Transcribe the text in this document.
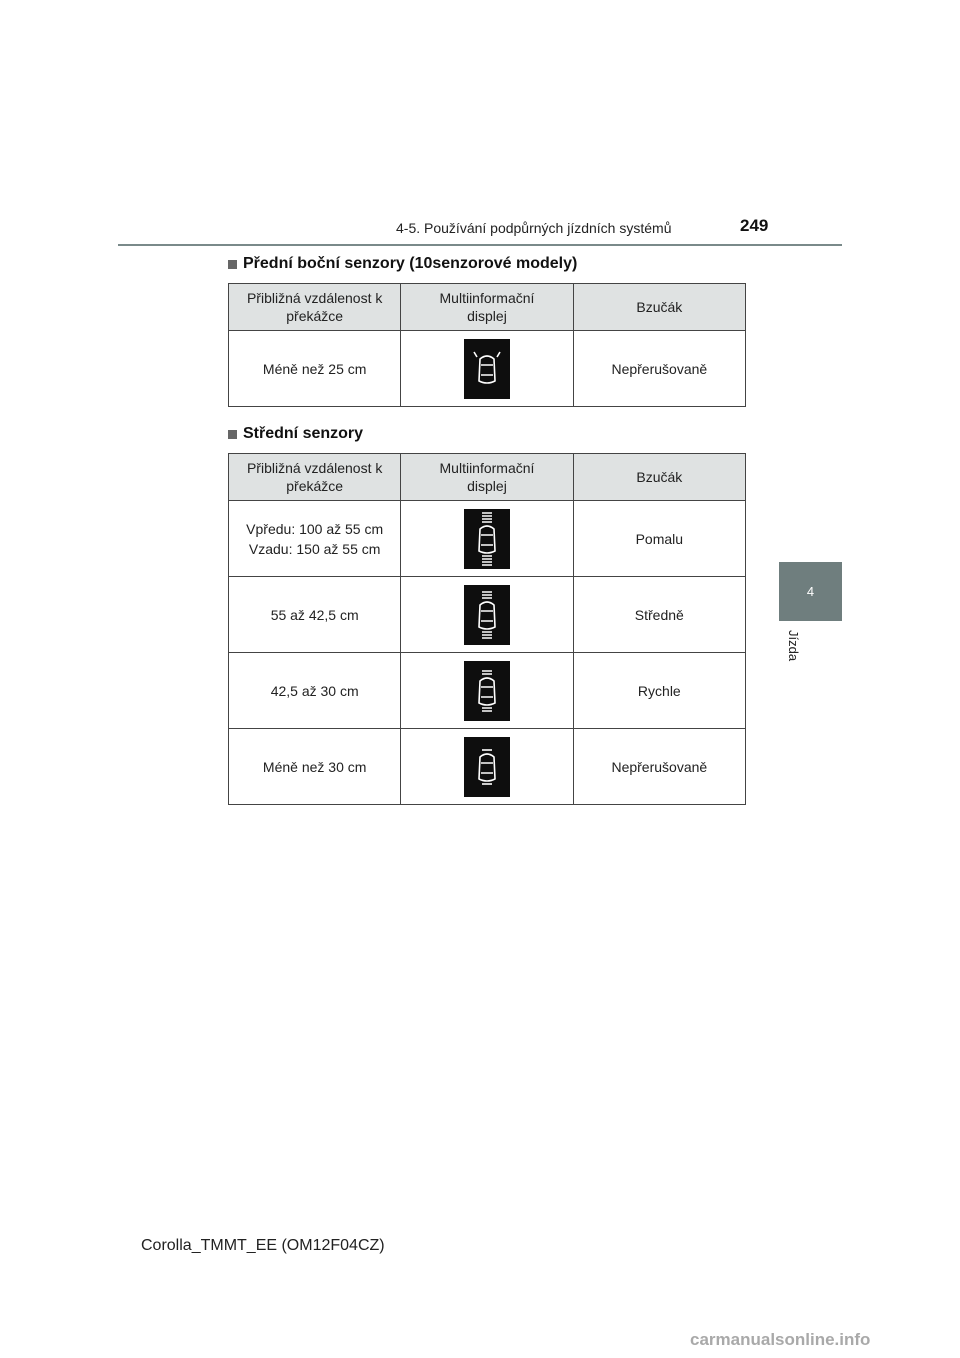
4-5. Používání podpůrných jízdních systémů	249
4
Jízda
Přední boční senzory (10senzorové modely)
Přibližná vzdálenost k překážce	Multiinformační displej	Bzučák

Méně než 25 cm		Nepřerušovaně
Střední senzory
Přibližná vzdálenost k překážce	Multiinformační displej	Bzučák

Vpředu: 100 až 55 cm
Vzadu: 150 až 55 cm		Pomalu

55 až 42,5 cm		Středně

42,5 až 30 cm		Rychle

Méně než 30 cm		Nepřerušovaně
Corolla_TMMT_EE (OM12F04CZ)
carmanualsonline.info
